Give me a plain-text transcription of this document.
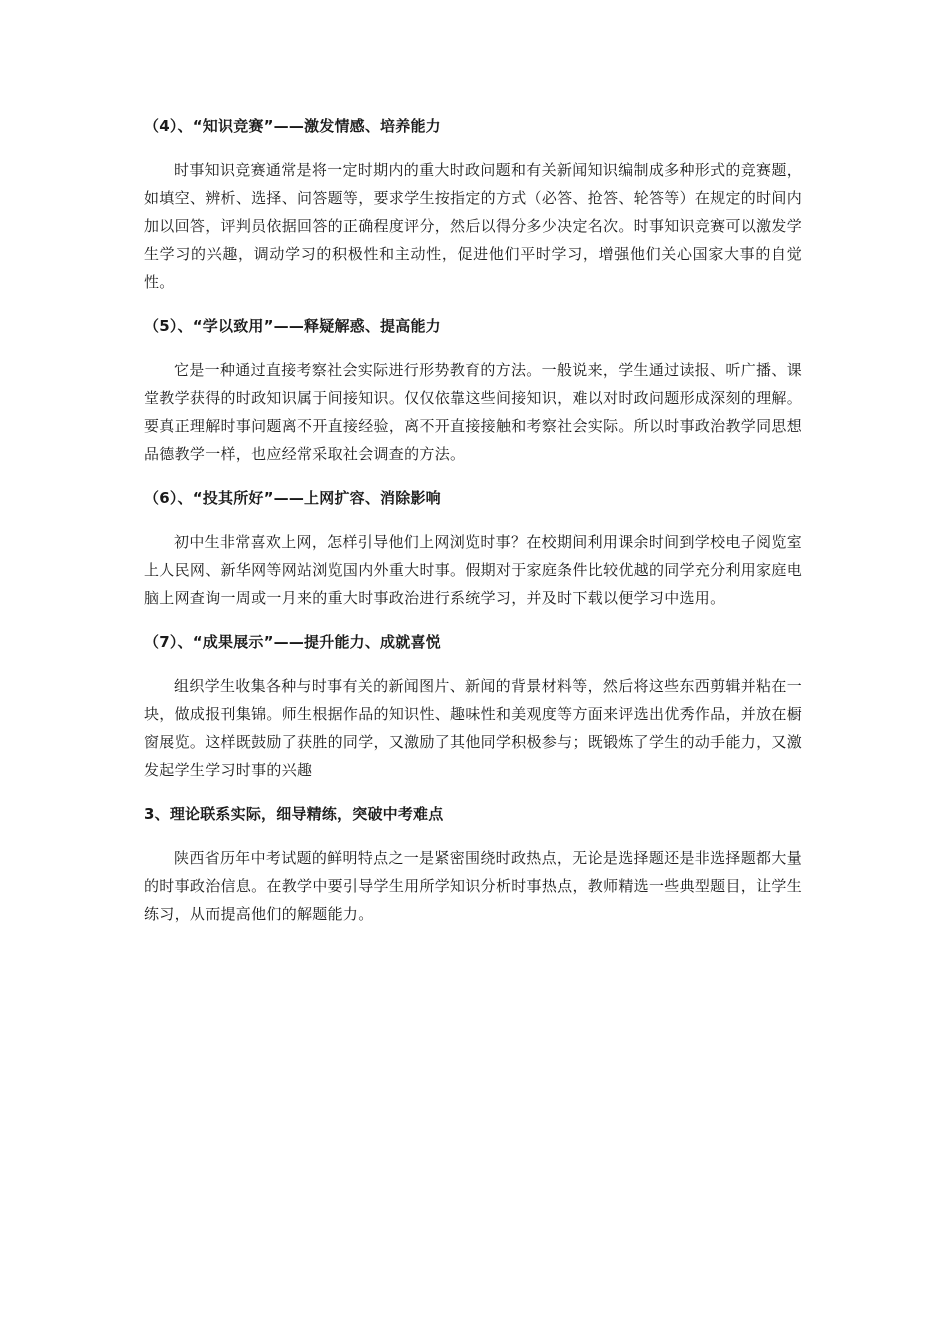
（4）、“知识竞赛”——激发情感、培养能力

时事知识竞赛通常是将一定时期内的重大时政问题和有关新闻知识编制成多种形式的竞赛题，如填空、辨析、选择、问答题等，要求学生按指定的方式（必答、抢答、轮答等）在规定的时间内加以回答，评判员依据回答的正确程度评分，然后以得分多少决定名次。时事知识竞赛可以激发学生学习的兴趣，调动学习的积极性和主动性，促进他们平时学习，增强他们关心国家大事的自觉性。

（5）、“学以致用”——释疑解惑、提高能力

它是一种通过直接考察社会实际进行形势教育的方法。一般说来，学生通过读报、听广播、课堂教学获得的时政知识属于间接知识。仅仅依靠这些间接知识，难以对时政问题形成深刻的理解。要真正理解时事问题离不开直接经验，离不开直接接触和考察社会实际。所以时事政治教学同思想品德教学一样，也应经常采取社会调查的方法。

（6）、“投其所好”——上网扩容、消除影响

初中生非常喜欢上网，怎样引导他们上网浏览时事？在校期间利用课余时间到学校电子阅览室上人民网、新华网等网站浏览国内外重大时事。假期对于家庭条件比较优越的同学充分利用家庭电脑上网查询一周或一月来的重大时事政治进行系统学习，并及时下载以便学习中选用。

（7）、“成果展示”——提升能力、成就喜悦

组织学生收集各种与时事有关的新闻图片、新闻的背景材料等，然后将这些东西剪辑并粘在一块，做成报刊集锦。师生根据作品的知识性、趣味性和美观度等方面来评选出优秀作品，并放在橱窗展览。这样既鼓励了获胜的同学，又激励了其他同学积极参与；既锻炼了学生的动手能力，又激发起学生学习时事的兴趣

3、理论联系实际，细导精练，突破中考难点

陕西省历年中考试题的鲜明特点之一是紧密围绕时政热点，无论是选择题还是非选择题都大量的时事政治信息。在教学中要引导学生用所学知识分析时事热点，教师精选一些典型题目，让学生练习，从而提高他们的解题能力。
